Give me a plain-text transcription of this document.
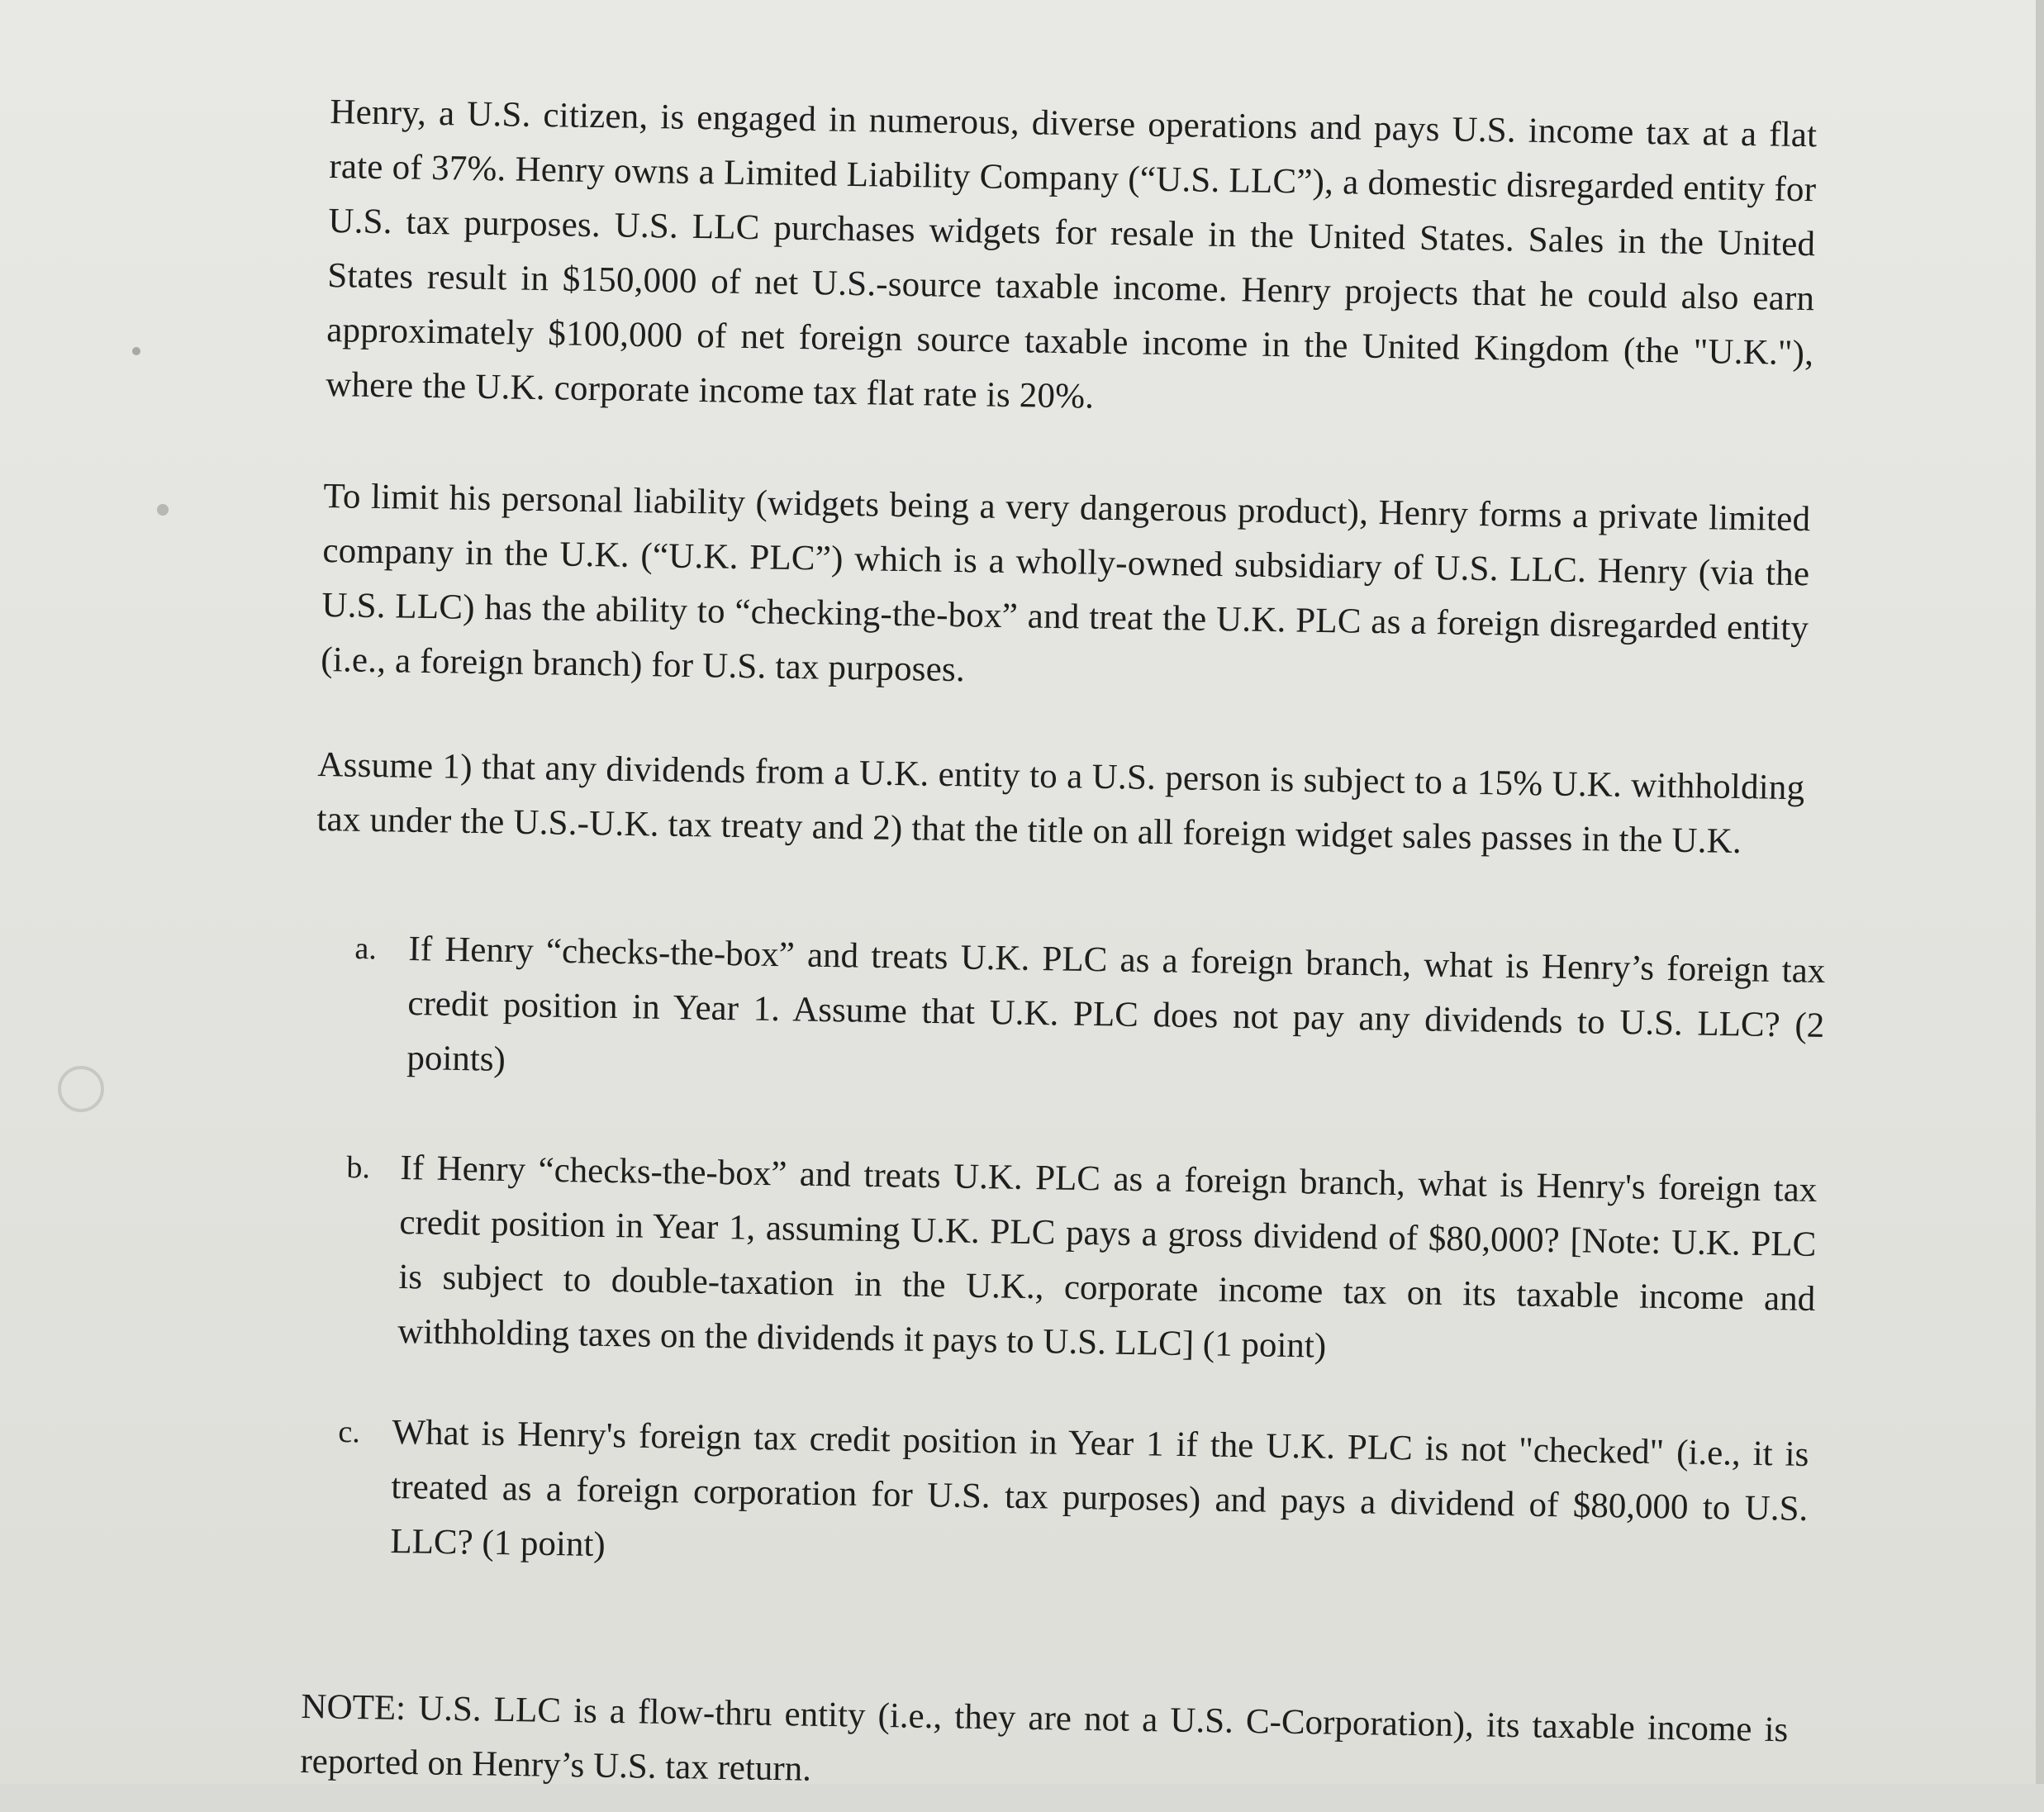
Henry, a U.S. citizen, is engaged in numerous, diverse operations and pays U.S. income tax at a flat rate of 37%. Henry owns a Limited Liability Company (“U.S. LLC”), a domestic disregarded entity for U.S. tax purposes. U.S. LLC purchases widgets for resale in the United States. Sales in the United States result in $150,000 of net U.S.-source taxable income. Henry projects that he could also earn approximately $100,000 of net foreign source taxable income in the United Kingdom (the "U.K."), where the U.K. corporate income tax flat rate is 20%.

To limit his personal liability (widgets being a very dangerous product), Henry forms a private limited company in the U.K. (“U.K. PLC”) which is a wholly-owned subsidiary of U.S. LLC. Henry (via the U.S. LLC) has the ability to “checking-the-box” and treat the U.K. PLC as a foreign disregarded entity (i.e., a foreign branch) for U.S. tax purposes.

Assume 1) that any dividends from a U.K. entity to a U.S. person is subject to a 15% U.K. withholding tax under the U.S.-U.K. tax treaty and 2) that the title on all foreign widget sales passes in the U.K.

a. If Henry “checks-the-box” and treats U.K. PLC as a foreign branch, what is Henry’s foreign tax credit position in Year 1. Assume that U.K. PLC does not pay any dividends to U.S. LLC? (2 points)
b. If Henry “checks-the-box” and treats U.K. PLC as a foreign branch, what is Henry's foreign tax credit position in Year 1, assuming U.K. PLC pays a gross dividend of $80,000? [Note: U.K. PLC is subject to double-taxation in the U.K., corporate income tax on its taxable income and withholding taxes on the dividends it pays to U.S. LLC] (1 point)
c. What is Henry's foreign tax credit position in Year 1 if the U.K. PLC is not "checked" (i.e., it is treated as a foreign corporation for U.S. tax purposes) and pays a dividend of $80,000 to U.S. LLC? (1 point)

NOTE: U.S. LLC is a flow-thru entity (i.e., they are not a U.S. C-Corporation), its taxable income is reported on Henry’s U.S. tax return.
